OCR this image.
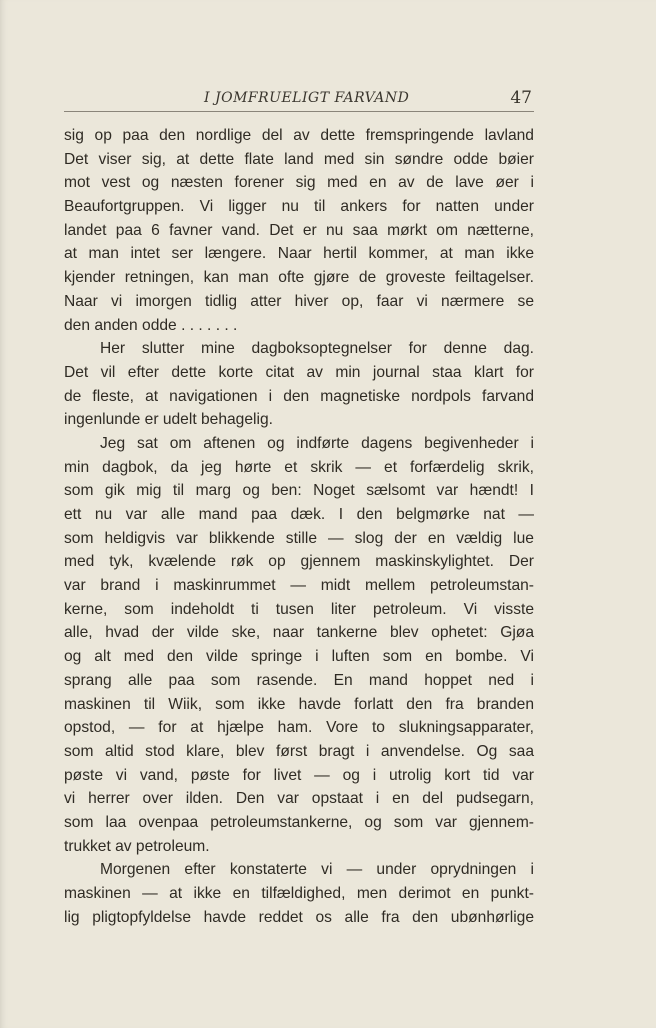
I JOMFRUELIGT FARVAND	47
sig op paa den nordlige del av dette fremspringende lavland
Det viser sig, at dette flate land med sin søndre odde bøier
mot vest og næsten forener sig med en av de lave øer i
Beaufortgruppen. Vi ligger nu til ankers for natten under
landet paa 6 favner vand. Det er nu saa mørkt om nætterne,
at man intet ser længere. Naar hertil kommer, at man ikke
kjender retningen, kan man ofte gjøre de groveste feiltagelser.
Naar vi imorgen tidlig atter hiver op, faar vi nærmere se
den anden odde . . . . . . .
Her slutter mine dagboksoptegnelser for denne dag.
Det vil efter dette korte citat av min journal staa klart for
de fleste, at navigationen i den magnetiske nordpols farvand
ingenlunde er udelt behagelig.
Jeg sat om aftenen og indførte dagens begivenheder i
min dagbok, da jeg hørte et skrik — et forfærdelig skrik,
som gik mig til marg og ben: Noget sælsomt var hændt! I
ett nu var alle mand paa dæk. I den belgmørke nat —
som heldigvis var blikkende stille — slog der en vældig lue
med tyk, kvælende røk op gjennem maskinskylightet. Der
var brand i maskinrummet — midt mellem petroleumstan-
kerne, som indeholdt ti tusen liter petroleum. Vi visste
alle, hvad der vilde ske, naar tankerne blev ophetet: Gjøa
og alt med den vilde springe i luften som en bombe. Vi
sprang alle paa som rasende. En mand hoppet ned i
maskinen til Wiik, som ikke havde forlatt den fra branden
opstod, — for at hjælpe ham. Vore to slukningsapparater,
som altid stod klare, blev først bragt i anvendelse. Og saa
pøste vi vand, pøste for livet — og i utrolig kort tid var
vi herrer over ilden. Den var opstaat i en del pudsegarn,
som laa ovenpaa petroleumstankerne, og som var gjennem-
trukket av petroleum.
Morgenen efter konstaterte vi — under oprydningen i
maskinen — at ikke en tilfældighed, men derimot en punkt-
lig pligtopfyldelse havde reddet os alle fra den ubønhørlige
